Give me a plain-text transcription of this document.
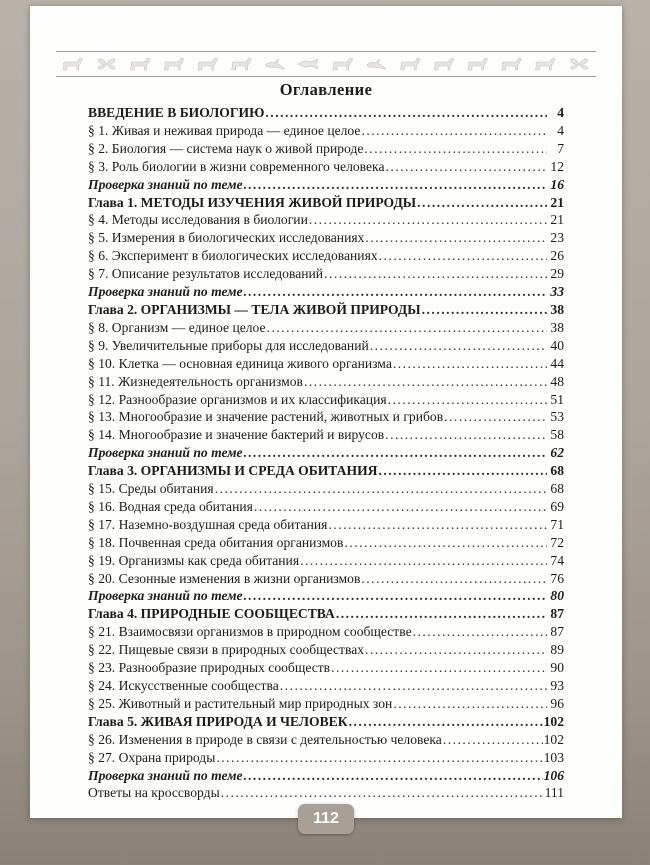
Оглавление
ВВЕДЕНИЕ В БИОЛОГИЮ .....	4
§ 1. Живая и неживая природа — единое целое .....	4
§ 2. Биология — система наук о живой природе .....	7
§ 3. Роль биологии в жизни современного человека .....	12
Проверка знаний по теме .....	16
Глава 1. МЕТОДЫ ИЗУЧЕНИЯ ЖИВОЙ ПРИРОДЫ .....	21
§ 4. Методы исследования в биологии .....	21
§ 5. Измерения в биологических исследованиях .....	23
§ 6. Эксперимент в биологических исследованиях .....	26
§ 7. Описание результатов исследований .....	29
Проверка знаний по теме .....	33
Глава 2. ОРГАНИЗМЫ — ТЕЛА ЖИВОЙ ПРИРОДЫ .....	38
§ 8. Организм — единое целое .....	38
§ 9. Увеличительные приборы для исследований .....	40
§ 10. Клетка — основная единица живого организма .....	44
§ 11. Жизнедеятельность организмов .....	48
§ 12. Разнообразие организмов и их классификация .....	51
§ 13. Многообразие и значение растений, животных и грибов .....	53
§ 14. Многообразие и значение бактерий и вирусов .....	58
Проверка знаний по теме .....	62
Глава 3. ОРГАНИЗМЫ И СРЕДА ОБИТАНИЯ .....	68
§ 15. Среды обитания .....	68
§ 16. Водная среда обитания .....	69
§ 17. Наземно-воздушная среда обитания .....	71
§ 18. Почвенная среда обитания организмов .....	72
§ 19. Организмы как среда обитания .....	74
§ 20. Сезонные изменения в жизни организмов .....	76
Проверка знаний по теме .....	80
Глава 4. ПРИРОДНЫЕ СООБЩЕСТВА .....	87
§ 21. Взаимосвязи организмов в природном сообществе .....	87
§ 22. Пищевые связи в природных сообществах .....	89
§ 23. Разнообразие природных сообществ .....	90
§ 24. Искусственные сообщества .....	93
§ 25. Животный и растительный мир природных зон .....	96
Глава 5. ЖИВАЯ ПРИРОДА И ЧЕЛОВЕК .....	102
§ 26. Изменения в природе в связи с деятельностью человека .....	102
§ 27. Охрана природы .....	103
Проверка знаний по теме .....	106
Ответы на кроссворды .....	111
112
